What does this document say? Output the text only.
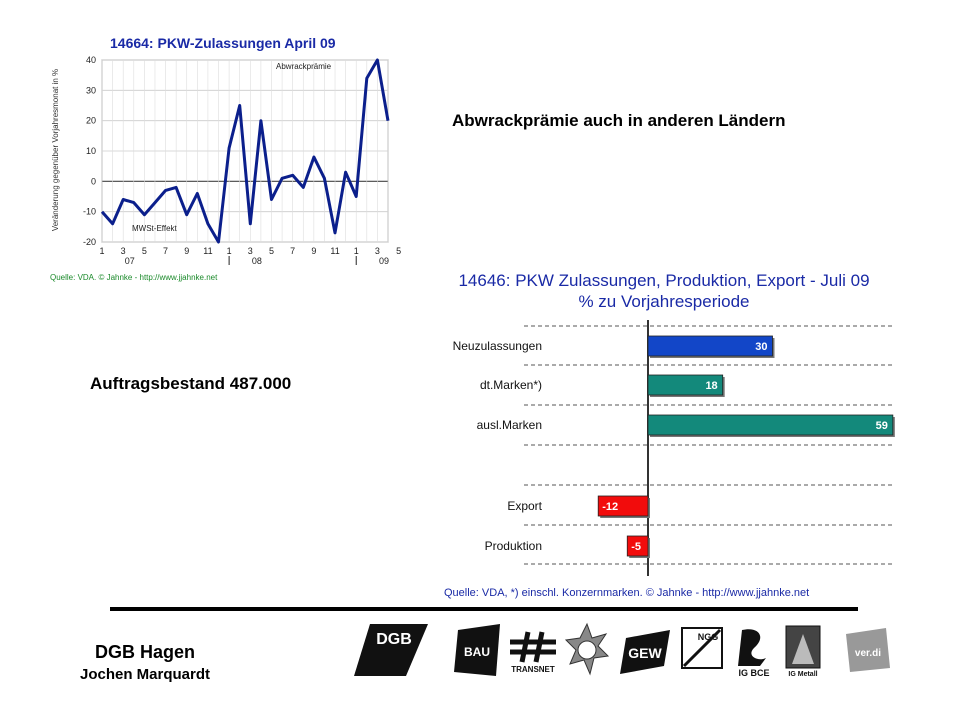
14664: PKW-Zulassungen April 09
40
30
20
10
0
-10
-20
1 3 5 7 9 11 1 3 5 7 9 11 1 3 5
07	08	09
Veränderung gegenüber Vorjahresmonat in %
Abwrackprämie
MWSt-Effekt
Quelle: VDA. © Jahnke - http://www.jjahnke.net
Abwrackprämie auch in anderen Ländern
Auftragsbestand 487.000
14646: PKW Zulassungen, Produktion, Export - Juli 09
% zu Vorjahresperiode
Neuzulassungen	30
dt.Marken*)	18
ausl.Marken	59
Export	-12
Produktion	-5
Quelle: VDA, *) einschl. Konzernmarken. © Jahnke - http://www.jjahnke.net
DGB Hagen
Jochen Marquardt
DGB
BAU
TRANSNET
GEW
NGG
IG BCE	IG Metall
ver.di
